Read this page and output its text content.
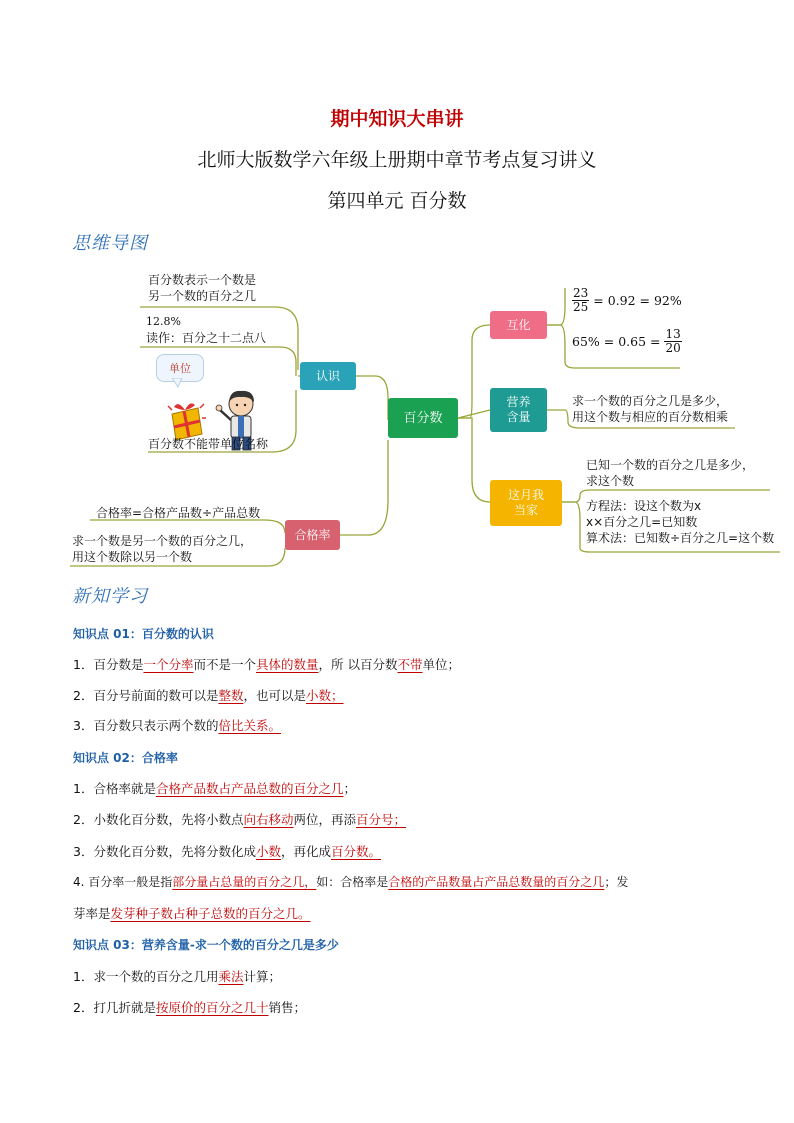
期中知识大串讲
北师大版数学六年级上册期中章节考点复习讲义
第四单元 百分数
思维导图
百分数
认识
合格率
互化
营养
含量
这月我
当家
百分数表示一个数是
另一个数的百分之几
12.8%
读作：百分之十二点八
单位
百分数不能带单位名称
合格率=合格产品数÷产品总数
求一个数是另一个数的百分之几，
用这个数除以另一个数
$\frac{23}{25} = 0.92 = 92\%$
$65\% = 0.65 = \frac{13}{20}$
求一个数的百分之几是多少，
用这个数与相应的百分数相乘
已知一个数的百分之几是多少，
求这个数
方程法：设这个数为x
x×百分之几=已知数
算术法：已知数÷百分之几=这个数
新知学习
知识点 01：百分数的认识
1．百分数是一个分率而不是一个具体的数量，所 以百分数不带单位；
2．百分号前面的数可以是整数，也可以是小数；
3．百分数只表示两个数的倍比关系。
知识点 02：合格率
1．合格率就是合格产品数占产品总数的百分之几；
2．小数化百分数，先将小数点向右移动两位，再添百分号；
3．分数化百分数，先将分数化成小数，再化成百分数。
4. 百分率一般是指部分量占总量的百分之几，如：合格率是合格的产品数量占产品总数量的百分之几；发
芽率是发芽种子数占种子总数的百分之几。
知识点 03：营养含量-求一个数的百分之几是多少
1．求一个数的百分之几用乘法计算；
2．打几折就是按原价的百分之几十销售；
